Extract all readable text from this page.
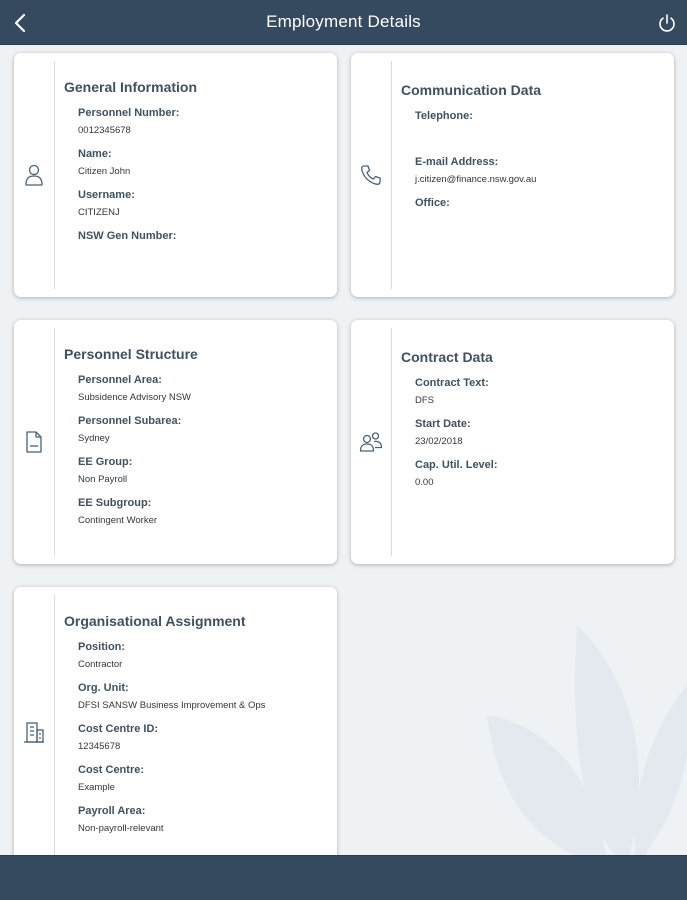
Employment Details
General Information
Personnel Number:
0012345678
Name:
Citizen John
Username:
CITIZENJ
NSW Gen Number:
Communication Data
Telephone:
E-mail Address:
j.citizen@finance.nsw.gov.au
Office:
Personnel Structure
Personnel Area:
Subsidence Advisory NSW
Personnel Subarea:
Sydney
EE Group:
Non Payroll
EE Subgroup:
Contingent Worker
Contract Data
Contract Text:
DFS
Start Date:
23/02/2018
Cap. Util. Level:
0.00
Organisational Assignment
Position:
Contractor
Org. Unit:
DFSI SANSW Business Improvement & Ops
Cost Centre ID:
12345678
Cost Centre:
Example
Payroll Area:
Non-payroll-relevant
